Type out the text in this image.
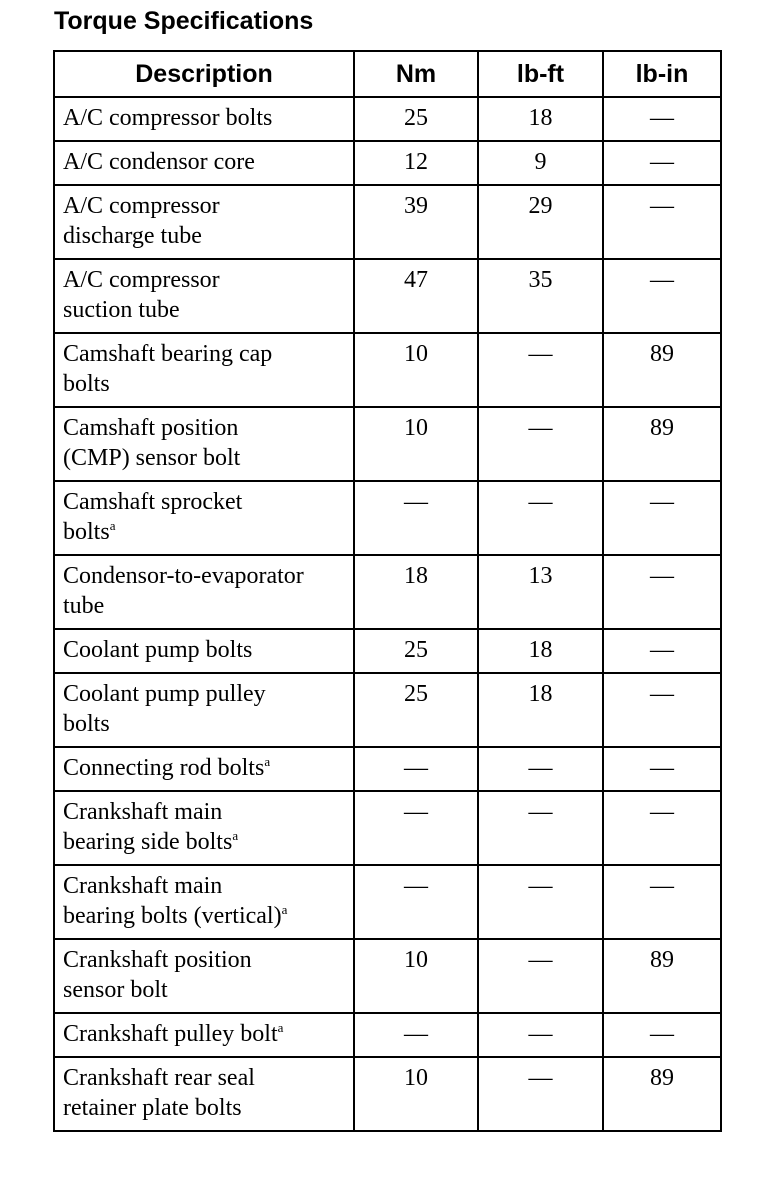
Torque Specifications
Description	Nm	lb-ft	lb-in
A/C compressor bolts	25	18	—
A/C condensor core	12	9	—
A/C compressor
discharge tube	39	29	—
A/C compressor
suction tube	47	35	—
Camshaft bearing cap
bolts	10	—	89
Camshaft position
(CMP) sensor bolt	10	—	89
Camshaft sprocket
bolts$^a$	—	—	—
Condensor-to-evaporator
tube	18	13	—
Coolant pump bolts	25	18	—
Coolant pump pulley
bolts	25	18	—
Connecting rod bolts$^a$	—	—	—
Crankshaft main
bearing side bolts$^a$	—	—	—
Crankshaft main
bearing bolts (vertical)$^a$	—	—	—
Crankshaft position
sensor bolt	10	—	89
Crankshaft pulley bolt$^a$	—	—	—
Crankshaft rear seal
retainer plate bolts	10	—	89
